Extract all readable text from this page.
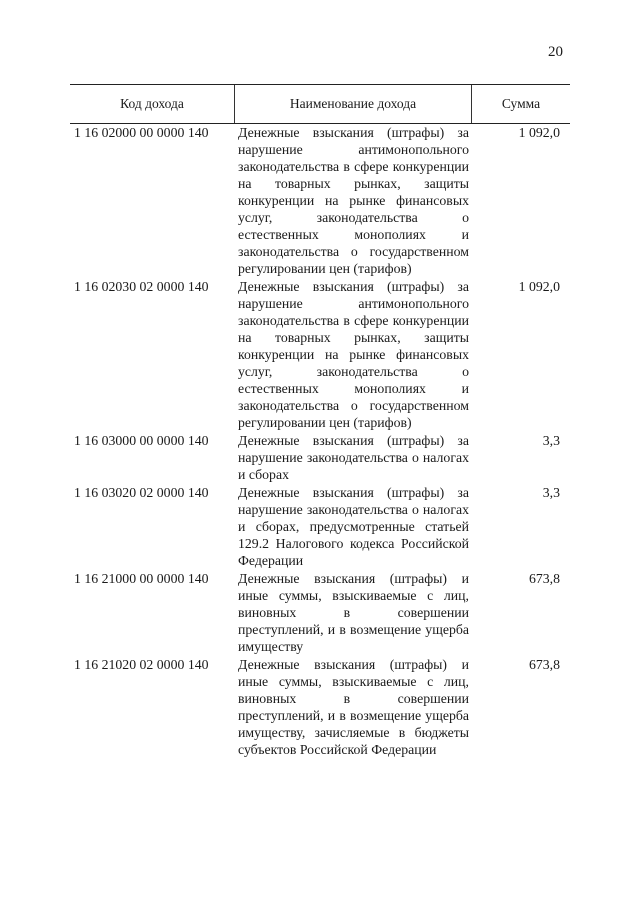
20
Код дохода	Наименование дохода	Сумма
1 16 02000 00 0000 140 Денежные взыскания (штрафы) за нарушение антимонопольного законодательства в сфере конкуренции на товарных рынках, защиты конкуренции на рынке финансовых услуг, законодательства о естественных монополиях и законодательства о государственном регулировании цен (тарифов)
1 092,0
1 16 02030 02 0000 140 Денежные взыскания (штрафы) за нарушение антимонопольного законодательства в сфере конкуренции на товарных рынках, защиты конкуренции на рынке финансовых услуг, законодательства о естественных монополиях и законодательства о государственном регулировании цен (тарифов)
1 092,0
1 16 03000 00 0000 140 Денежные взыскания (штрафы) за нарушение законодательства о налогах и сборах
3,3
1 16 03020 02 0000 140 Денежные взыскания (штрафы) за нарушение законодательства о налогах и сборах, предусмотренные статьей 129.2 Налогового кодекса Российской Федерации
3,3
1 16 21000 00 0000 140 Денежные взыскания (штрафы) и иные суммы, взыскиваемые с лиц, виновных в совершении преступлений, и в возмещение ущерба имуществу
673,8
1 16 21020 02 0000 140 Денежные взыскания (штрафы) и иные суммы, взыскиваемые с лиц, виновных в совершении преступлений, и в возмещение ущерба имуществу, зачисляемые в бюджеты субъектов Российской Федерации
673,8
